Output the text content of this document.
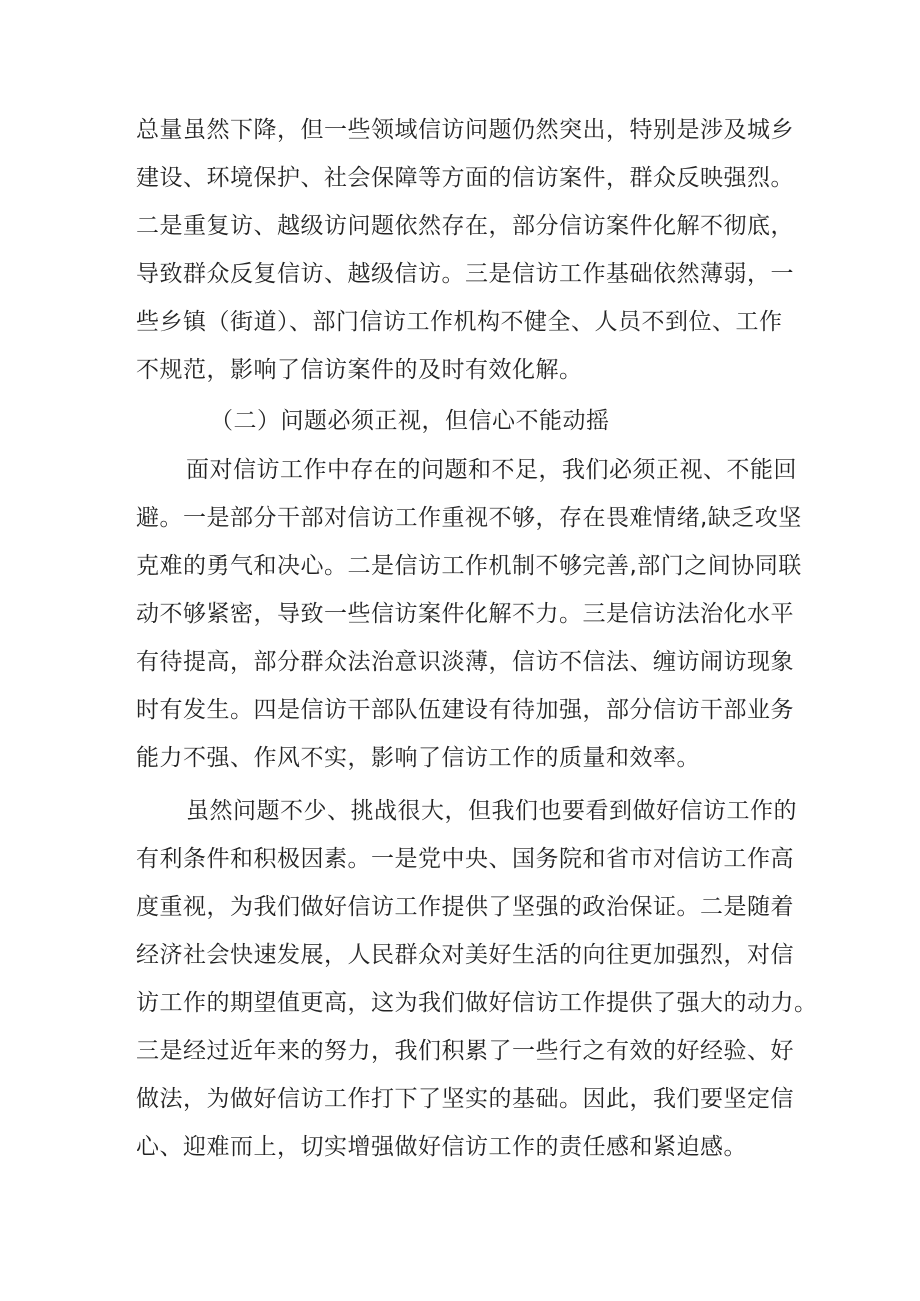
总量虽然下降，但一些领域信访问题仍然突出，特别是涉及城乡
建设、环境保护、社会保障等方面的信访案件，群众反映强烈。
二是重复访、越级访问题依然存在，部分信访案件化解不彻底，
导致群众反复信访、越级信访。三是信访工作基础依然薄弱，一
些乡镇（街道）、部门信访工作机构不健全、人员不到位、工作
不规范，影响了信访案件的及时有效化解。
（二）问题必须正视，但信心不能动摇
面对信访工作中存在的问题和不足，我们必须正视、不能回
避。一是部分干部对信访工作重视不够，存在畏难情绪,缺乏攻坚
克难的勇气和决心。二是信访工作机制不够完善,部门之间协同联
动不够紧密，导致一些信访案件化解不力。三是信访法治化水平
有待提高，部分群众法治意识淡薄，信访不信法、缠访闹访现象
时有发生。四是信访干部队伍建设有待加强，部分信访干部业务
能力不强、作风不实，影响了信访工作的质量和效率。
虽然问题不少、挑战很大，但我们也要看到做好信访工作的
有利条件和积极因素。一是党中央、国务院和省市对信访工作高
度重视，为我们做好信访工作提供了坚强的政治保证。二是随着
经济社会快速发展，人民群众对美好生活的向往更加强烈，对信
访工作的期望值更高，这为我们做好信访工作提供了强大的动力。
三是经过近年来的努力，我们积累了一些行之有效的好经验、好
做法，为做好信访工作打下了坚实的基础。因此，我们要坚定信
心、迎难而上，切实增强做好信访工作的责任感和紧迫感。
